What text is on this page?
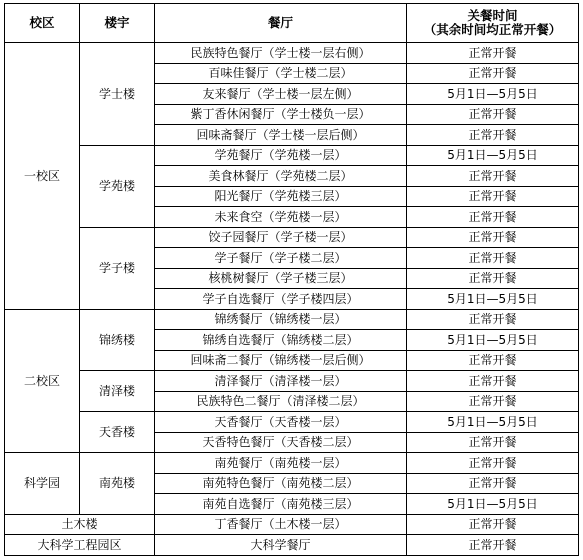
校区	楼宇	餐厅	关餐时间
（其余时间均正常开餐）

一校区	学士楼	民族特色餐厅（学士楼一层右侧）	正常开餐
		百味佳餐厅（学士楼二层）	正常开餐
		友来餐厅（学士楼一层左侧）	5月1日—5月5日
		紫丁香休闲餐厅（学士楼负一层）	正常开餐
		回味斋餐厅（学士楼一层后侧）	正常开餐
	学苑楼	学苑餐厅（学苑楼一层）	5月1日—5月5日
		美食林餐厅（学苑楼二层）	正常开餐
		阳光餐厅（学苑楼三层）	正常开餐
		未来食空（学苑楼一层）	正常开餐
	学子楼	饺子园餐厅（学子楼一层）	正常开餐
		学子餐厅（学子楼二层）	正常开餐
		核桃树餐厅（学子楼三层）	正常开餐
		学子自选餐厅（学子楼四层）	5月1日—5月5日
二校区	锦绣楼	锦绣餐厅（锦绣楼一层）	正常开餐
		锦绣自选餐厅（锦绣楼二层）	5月1日—5月5日
		回味斋二餐厅（锦绣楼一层后侧）	正常开餐
	清泽楼	清泽餐厅（清泽楼一层）	正常开餐
		民族特色二餐厅（清泽楼二层）	正常开餐
	天香楼	天香餐厅（天香楼一层）	5月1日—5月5日
		天香特色餐厅（天香楼二层）	正常开餐
科学园	南苑楼	南苑餐厅（南苑楼一层）	正常开餐
		南苑特色餐厅（南苑楼二层）	正常开餐
		南苑自选餐厅（南苑楼三层）	5月1日—5月5日
土木楼		丁香餐厅（土木楼一层）	正常开餐
大科学工程园区		大科学餐厅	正常开餐
